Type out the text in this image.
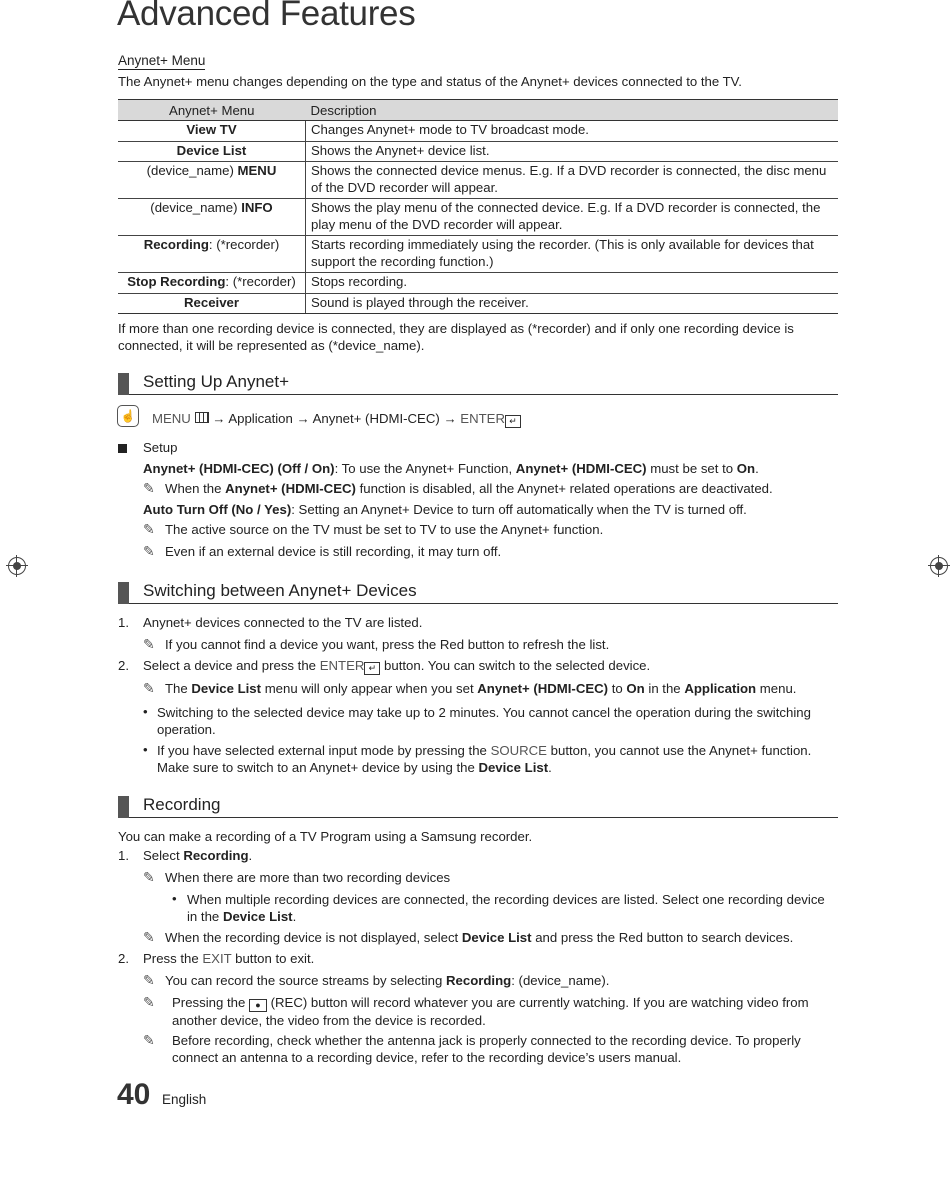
Advanced Features
Anynet+ Menu
The Anynet+ menu changes depending on the type and status of the Anynet+ devices connected to the TV.
Anynet+ Menu	Description
View TV	Changes Anynet+ mode to TV broadcast mode.
Device List	Shows the Anynet+ device list.
(device_name) MENU	Shows the connected device menus. E.g. If a DVD recorder is connected, the disc menu of the DVD recorder will appear.
(device_name) INFO	Shows the play menu of the connected device. E.g. If a DVD recorder is connected, the play menu of the DVD recorder will appear.
Recording: (*recorder)	Starts recording immediately using the recorder. (This is only available for devices that support the recording function.)
Stop Recording: (*recorder)	Stops recording.
Receiver	Sound is played through the receiver.
If more than one recording device is connected, they are displayed as (*recorder) and if only one recording device is connected, it will be represented as (*device_name).
Setting Up Anynet+
☝ MENU → Application → Anynet+ (HDMI-CEC) → ENTER ↵
Setup
Anynet+ (HDMI-CEC) (Off / On): To use the Anynet+ Function, Anynet+ (HDMI-CEC) must be set to On.
✎ When the Anynet+ (HDMI-CEC) function is disabled, all the Anynet+ related operations are deactivated.
Auto Turn Off (No / Yes): Setting an Anynet+ Device to turn off automatically when the TV is turned off.
✎ The active source on the TV must be set to TV to use the Anynet+ function.
✎ Even if an external device is still recording, it may turn off.
Switching between Anynet+ Devices
1. Anynet+ devices connected to the TV are listed.
✎ If you cannot find a device you want, press the Red button to refresh the list.
2. Select a device and press the ENTER ↵ button. You can switch to the selected device.
✎ The Device List menu will only appear when you set Anynet+ (HDMI-CEC) to On in the Application menu.
• Switching to the selected device may take up to 2 minutes. You cannot cancel the operation during the switching operation.
• If you have selected external input mode by pressing the SOURCE button, you cannot use the Anynet+ function. Make sure to switch to an Anynet+ device by using the Device List.
Recording
You can make a recording of a TV Program using a Samsung recorder.
1. Select Recording.
✎ When there are more than two recording devices
• When multiple recording devices are connected, the recording devices are listed. Select one recording device in the Device List.
✎ When the recording device is not displayed, select Device List and press the Red button to search devices.
2. Press the EXIT button to exit.
✎ You can record the source streams by selecting Recording: (device_name).
✎ Pressing the ● (REC) button will record whatever you are currently watching. If you are watching video from another device, the video from the device is recorded.
✎ Before recording, check whether the antenna jack is properly connected to the recording device. To properly connect an antenna to a recording device, refer to the recording device’s users manual.
40 English
